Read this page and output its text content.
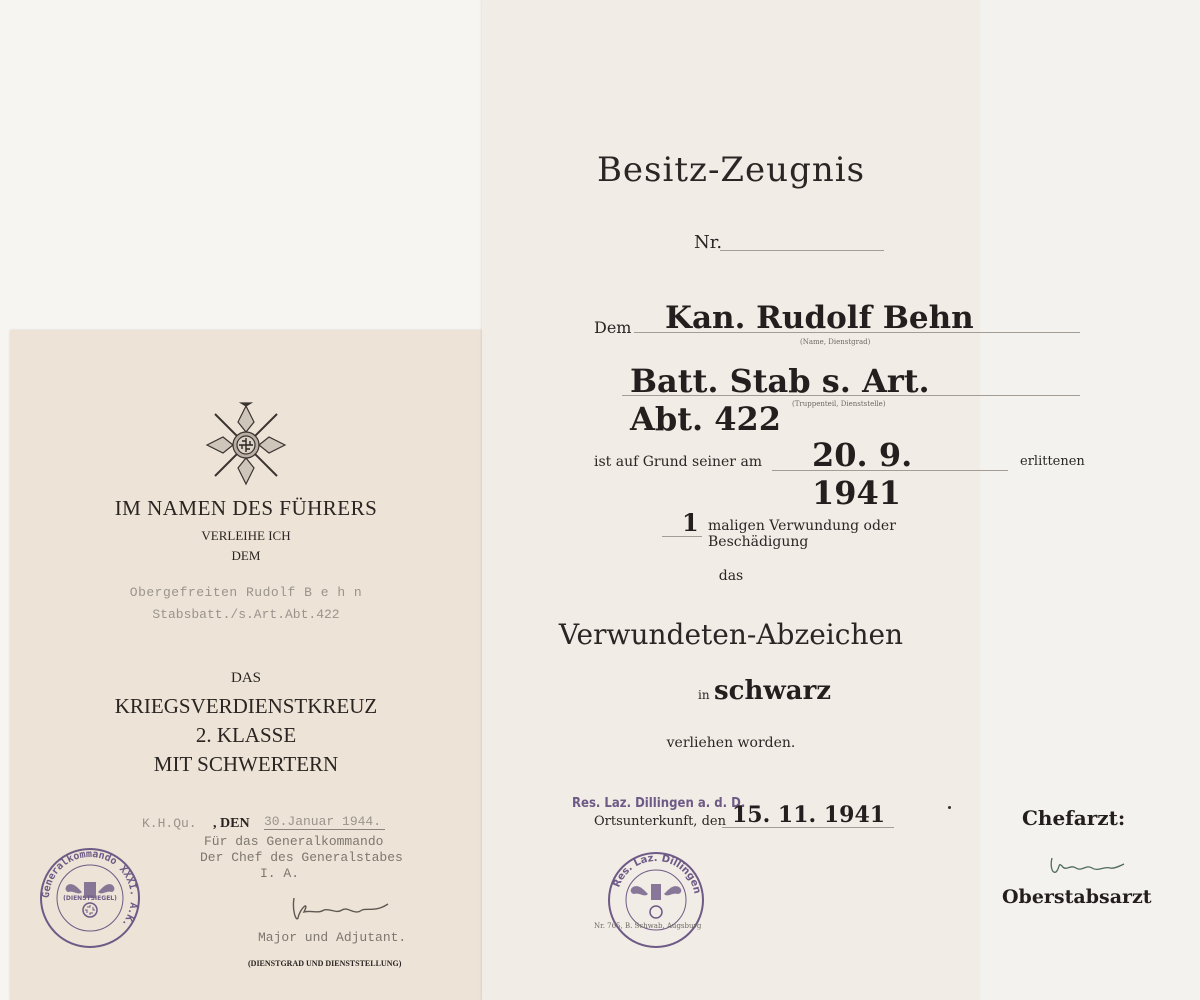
IM NAMEN DES FÜHRERS
VERLEIHE ICH
DEM
Obergefreiten Rudolf B e h n
Stabsbatt./s.Art.Abt.422
DAS
KRIEGSVERDIENSTKREUZ
2. KLASSE
MIT SCHWERTERN
K.H.Qu. , DEN 30.Januar 1944.
Für das Generalkommando
Der Chef des Generalstabes
I. A.
Major und Adjutant.
(DIENSTGRAD UND DIENSTSTELLUNG)
(DIENSTSIEGEL)
Generalkommando XXXI. A.K.
Besitz-Zeugnis
Nr.
Dem Kan. Rudolf Behn
(Name, Dienstgrad)
Batt. Stab s. Art. Abt. 422	(Truppenteil, Dienststelle)
ist auf Grund seiner am 20. 9. 1941
erlittenen
1 maligen Verwundung oder Beschädigung
das
Verwundeten-Abzeichen
in schwarz
verliehen worden.
Res. Laz. Dillingen a. d. D.
Ortsunterkunft, den 15. 11. 1941	Chefarzt:
Oberstabsarzt
Res. Laz. Dillingen
Nr. 765, B. Schwab, Augsburg
